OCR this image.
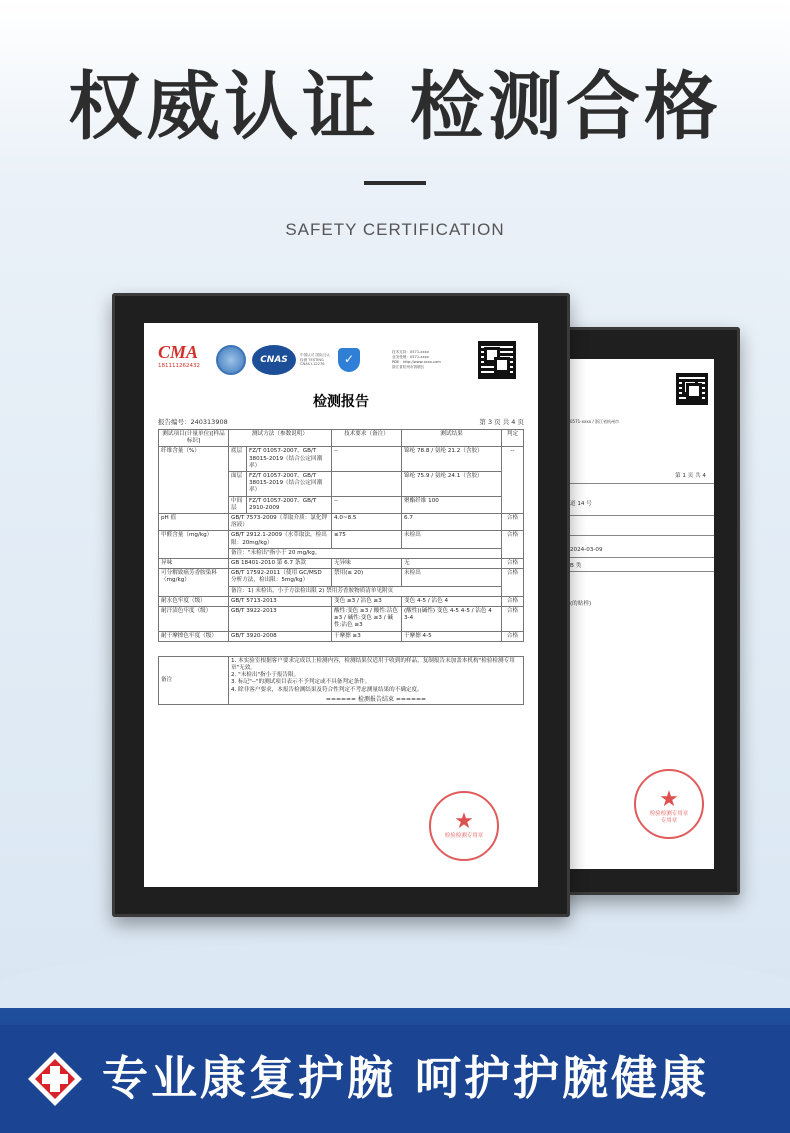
权威认证 检测合格
SAFETY CERTIFICATION
0571-xxxx / 浙江省杭州市
第 1 页 共 4
道 14 号
2024-03-09
B 类
(的贴样)
★
检验检测专用章
专用章
CMA
181111262432
CNAS	中国认可 国际互认 检测 TESTING CNAS L12276	✓	技术支持：0571-xxxx
业务受理：0571-xxxx
PDE：http://www.xxxx.com
浙江省杭州市钱塘区
检测报告
报告编号：240313908	第 3 页 共 4 页
测试项目(计量单位)[样品标识]	测试方法（参数说明）		技术要求（备注）	测试结果	判定
纤维含量（%）	底层	FZ/T 01057-2007、GB/T 38015-2019（结合公定回潮率）	--	锦纶 78.8 / 氨纶 21.2（含胶）	--
	面层	FZ/T 01057-2007、GB/T 38015-2019（结合公定回潮率）		锦纶 75.9 / 氨纶 24.1（含胶）	
	中间层	FZ/T 01057-2007、GB/T 2910-2009	--	聚酯纤维 100	
pH 值	GB/T 7573-2009（萃取介质：氯化钾溶液）		4.0~8.5	6.7	合格
甲醛含量（mg/kg）	GB/T 2912.1-2009（水萃取法，检出限：20mg/kg）		≤75	未检出	合格
	备注："未检出"指小于 20 mg/kg。				
异味	GB 18401-2010 第 6.7 条款		无异味	无	合格
可分解致癌芳香胺染料（mg/kg）	GB/T 17592-2011（使用 GC/MSD 分析方法，检出限：5mg/kg）		禁用(≤ 20)	未检出	合格
	备注：1) 未检出，小于方法检出限 2) 禁用芳香胺物质清单见附页				
耐水色牢度（级）	GB/T 5713-2013		变色 ≥3 / 沾色 ≥3	变色 4-5 / 沾色 4	合格
耐汗渍色牢度（级）	GB/T 3922-2013		酸性:变色 ≥3 / 酸性:沾色 ≥3 / 碱性:变色 ≥3 / 碱性:沾色 ≥3	(酸性)(碱性) 变色 4-5 4-5 / 沾色 4 3-4	合格
耐干摩擦色牢度（级）	GB/T 3920-2008		干摩擦 ≥3	干摩擦 4-5	合格
备注	
1. 本实验室根据客户要求完成以上检测内容，检测结果仅适用于收到的样品，复制报告未加盖本机构"检验检测专用章"无效。
2. "未检出"指小于报告限。
3. 标记"--"的测试项目表示不予判定或不具备判定条件。
4. 除非客户要求，本报告检测结果及符合性判定不考虑测量结果的不确定度。
====== 检测报告结束 ======
★
检验检测专用章
专业康复护腕 呵护护腕健康
